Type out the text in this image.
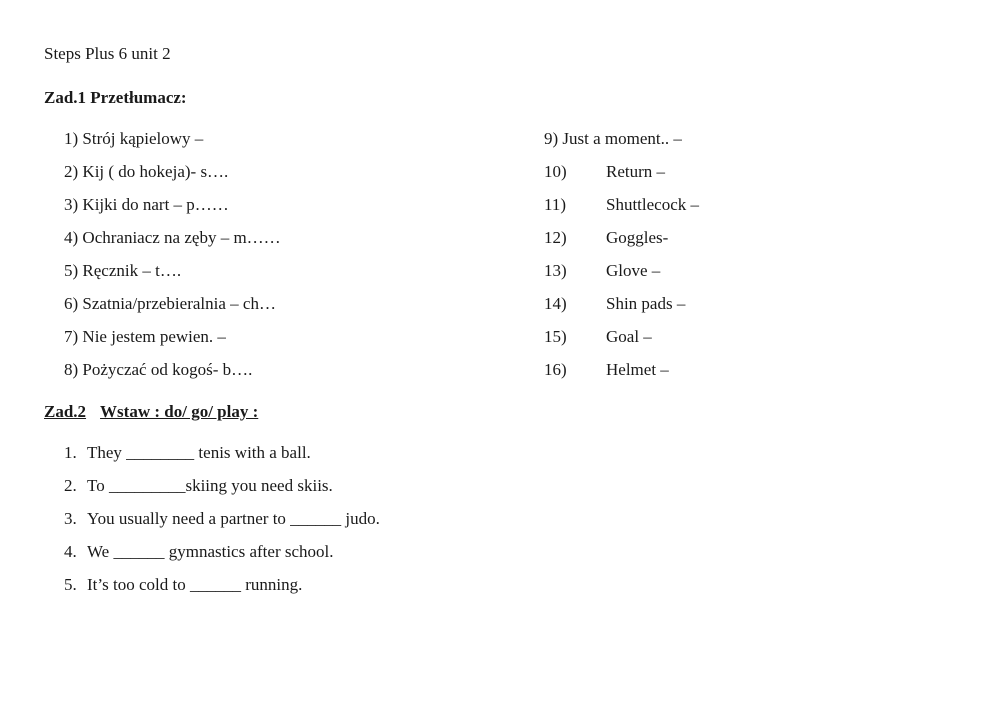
Steps Plus 6 unit 2
Zad.1 Przetłumacz:
1) Strój kąpielowy –
2) Kij ( do hokeja)- s….
3) Kijki do nart – p……
4) Ochraniacz na zęby – m……
5) Ręcznik – t….
6) Szatnia/przebieralnia – ch…
7) Nie jestem pewien. –
8) Pożyczać od kogoś- b….
9) Just a moment.. –
10) Return –
11) Shuttlecock –
12) Goggles-
13) Glove –
14) Shin pads –
15) Goal –
16) Helmet –
Zad.2 Wstaw : do/ go/ play :
1. They ________ tenis with a ball.
2. To _________skiing you need skiis.
3. You usually need a partner to ______ judo.
4. We ______ gymnastics after school.
5. It’s too cold to ______ running.
